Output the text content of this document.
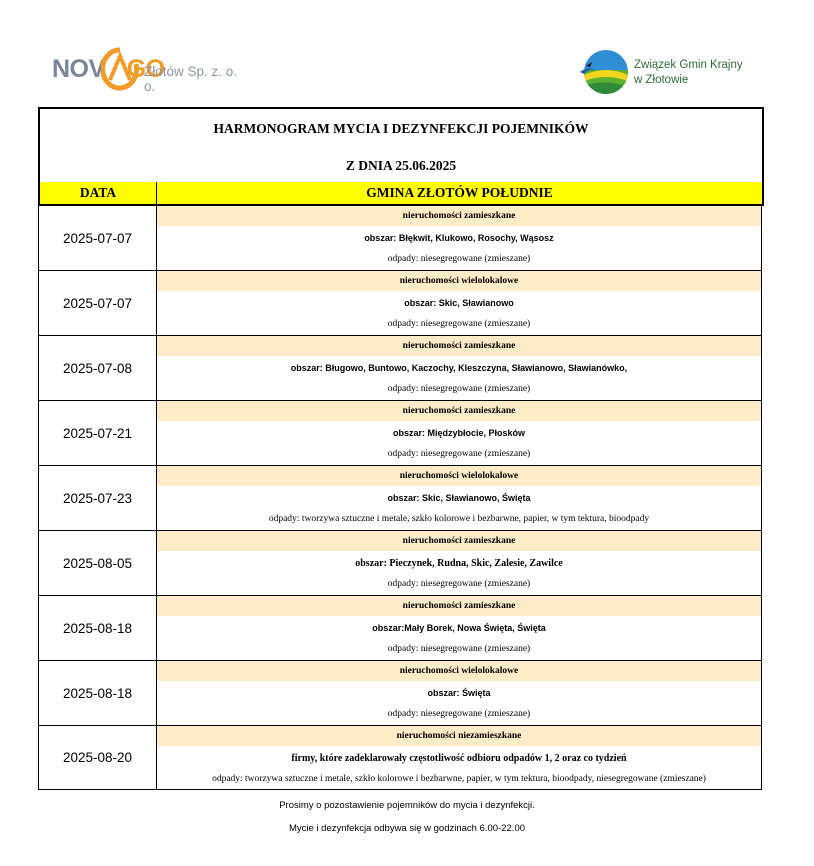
NOV GO
Złotów Sp. z. o. o.
Związek Gmin Krajny
w Złotowie
HARMONOGRAM MYCIA I DEZYNFEKCJI POJEMNIKÓW
Z DNIA 25.06.2025
DATA	GMINA ZŁOTÓW POŁUDNIE
2025-07-07
nieruchomości zamieszkane
obszar: Błękwit, Klukowo, Rosochy, Wąsosz
odpady: niesegregowane (zmieszane)
2025-07-07
nieruchomości wielolokalowe
obszar: Skic, Sławianowo
odpady: niesegregowane (zmieszane)
2025-07-08
nieruchomości zamieszkane
obszar: Bługowo, Buntowo, Kaczochy, Kleszczyna, Sławianowo, Sławianówko,
odpady: niesegregowane (zmieszane)
2025-07-21
nieruchomości zamieszkane
obszar: Międzybłocie, Płosków
odpady: niesegregowane (zmieszane)
2025-07-23
nieruchomości wielolokalowe
obszar: Skic, Sławianowo, Święta
odpady: tworzywa sztuczne i metale, szkło kolorowe i bezbarwne, papier, w tym tektura, bioodpady
2025-08-05
nieruchomości zamieszkane
obszar: Pieczynek, Rudna, Skic, Zalesie, Zawilce
odpady: niesegregowane (zmieszane)
2025-08-18
nieruchomości zamieszkane
obszar:Mały Borek, Nowa Święta, Święta
odpady: niesegregowane (zmieszane)
2025-08-18
nieruchomości wielolokalowe
obszar: Święta
odpady: niesegregowane (zmieszane)
2025-08-20
nieruchomości niezamieszkane
firmy, które zadeklarowały częstotliwość odbioru odpadów 1, 2 oraz co tydzień
odpady: tworzywa sztuczne i metale, szkło kolorowe i bezbarwne, papier, w tym tektura, bioodpady, niesegregowane (zmieszane)
Prosimy o pozostawienie pojemników do mycia i dezynfekcji.
Mycie i dezynfekcja odbywa się w godzinach 6.00-22.00
